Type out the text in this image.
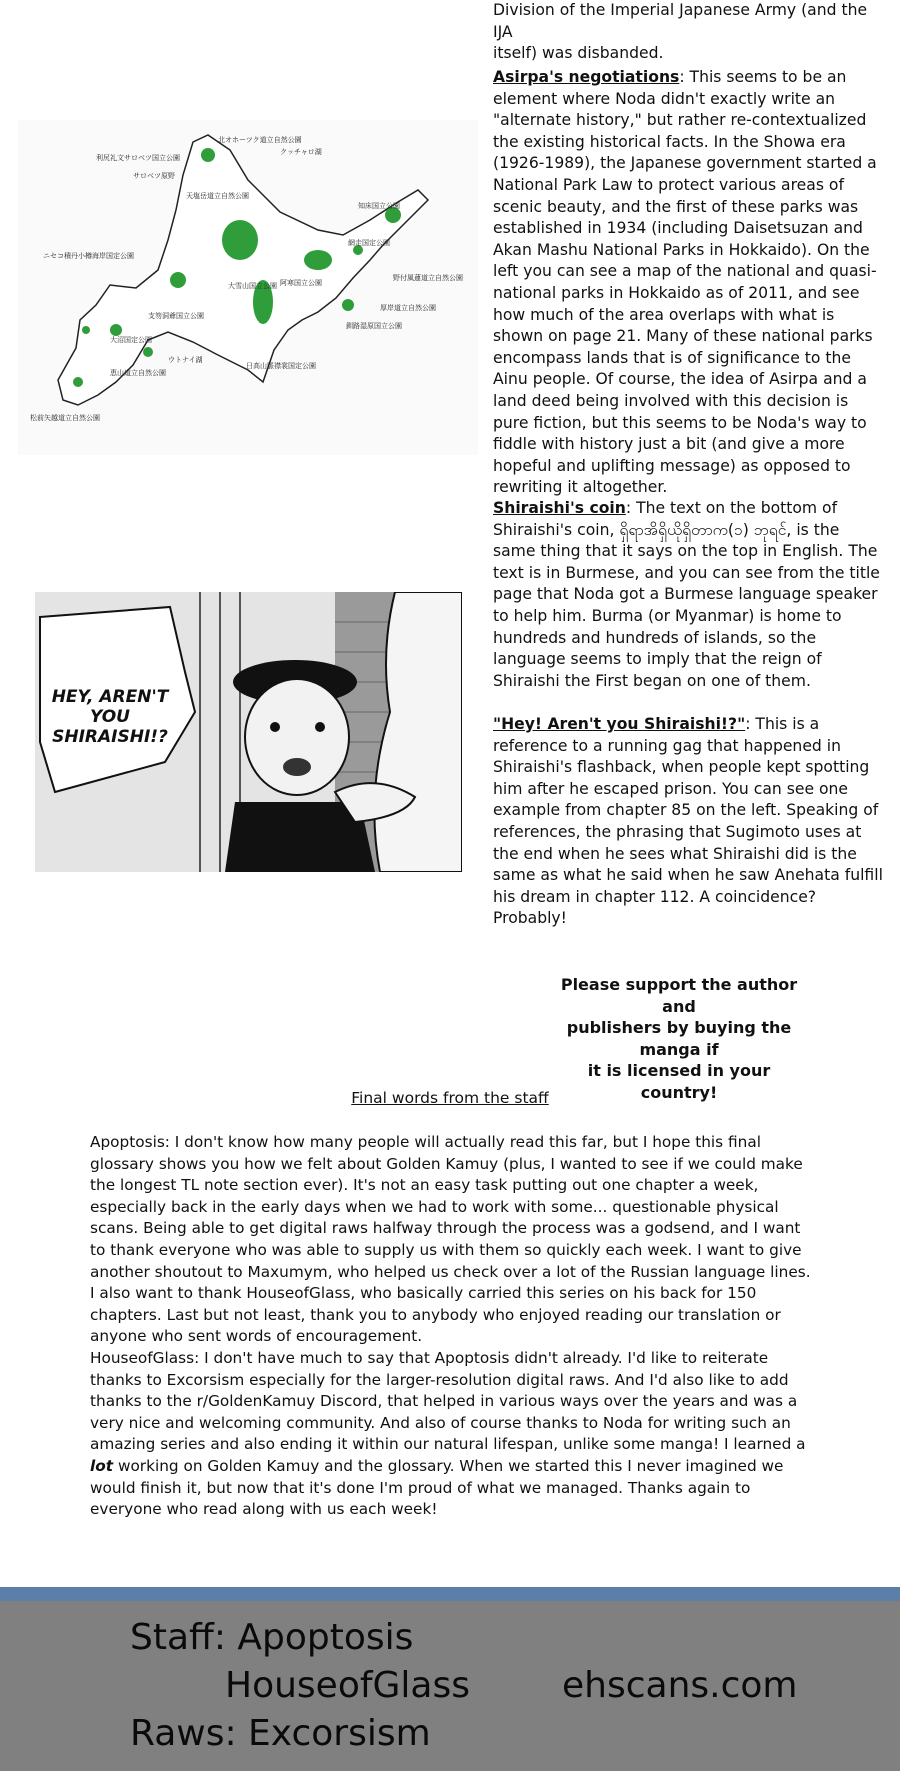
Division of the Imperial Japanese Army (and the IJA
itself) was disbanded.

Asirpa's negotiations: This seems to be an element where Noda didn't exactly write an "alternate history," but rather re-contextualized the existing historical facts. In the Showa era (1926-1989), the Japanese government started a National Park Law to protect various areas of scenic beauty, and the first of these parks was established in 1934 (including Daisetsuzan and Akan Mashu National Parks in Hokkaido). On the left you can see a map of the national and quasi-national parks in Hokkaido as of 2011, and see how much of the area overlaps with what is shown on page 21. Many of these national parks encompass lands that is of significance to the Ainu people. Of course, the idea of Asirpa and a land deed being involved with this decision is pure fiction, but this seems to be Noda's way to fiddle with history just a bit (and give a more hopeful and uplifting message) as opposed to rewriting it altogether.

Shiraishi's coin: The text on the bottom of Shiraishi's coin, ရှိရာအိရှိယိုရှိတာက(၁) ဘုရင်, is the same thing that it says on the top in English. The text is in Burmese, and you can see from the title page that Noda got a Burmese language speaker to help him. Burma (or Myanmar) is home to hundreds and hundreds of islands, so the language seems to imply that the reign of Shiraishi the First began on one of them.

"Hey! Aren't you Shiraishi!?": This is a reference to a running gag that happened in Shiraishi's flashback, when people kept spotting him after he escaped prison. You can see one example from chapter 85 on the left. Speaking of references, the phrasing that Sugimoto uses at the end when he sees what Shiraishi did is the same as what he said when he saw Anehata fulfill his dream in chapter 112. A coincidence? Probably!

Please support the author and
publishers by buying the manga if
it is licensed in your country!
北オホーツク道立自然公園
クッチャロ湖
利尻礼文サロベツ国立公園
サロベツ原野
天塩岳道立自然公園
知床国立公園
網走国定公園
阿寒国立公園
大雪山国立公園
日高山脈襟裳国定公園
ニセコ積丹小樽海岸国定公園
支笏洞爺国立公園
大沼国定公園
松前矢越道立自然公園
釧路湿原国立公園
厚岸道立自然公園
野付風蓮道立自然公園
ウトナイ湖
恵山道立自然公園
HEY, AREN'T YOU SHIRAISHI!?
Final words from the staff

Apoptosis: I don't know how many people will actually read this far, but I hope this final glossary shows you how we felt about Golden Kamuy (plus, I wanted to see if we could make the longest TL note section ever). It's not an easy task putting out one chapter a week, especially back in the early days when we had to work with some... questionable physical scans. Being able to get digital raws halfway through the process was a godsend, and I want to thank everyone who was able to supply us with them so quickly each week. I want to give another shoutout to Maxumym, who helped us check over a lot of the Russian language lines. I also want to thank HouseofGlass, who basically carried this series on his back for 150 chapters. Last but not least, thank you to anybody who enjoyed reading our translation or anyone who sent words of encouragement.

HouseofGlass: I don't have much to say that Apoptosis didn't already. I'd like to reiterate thanks to Excorsism especially for the larger-resolution digital raws. And I'd also like to add thanks to the r/GoldenKamuy Discord, that helped in various ways over the years and was a very nice and welcoming community. And also of course thanks to Noda for writing such an amazing series and also ending it within our natural lifespan, unlike some manga! I learned a lot working on Golden Kamuy and the glossary. When we started this I never imagined we would finish it, but now that it's done I'm proud of what we managed. Thanks again to everyone who read along with us each week!

Staff: Apoptosis
HouseofGlass
Raws: Excorsism
ehscans.com
